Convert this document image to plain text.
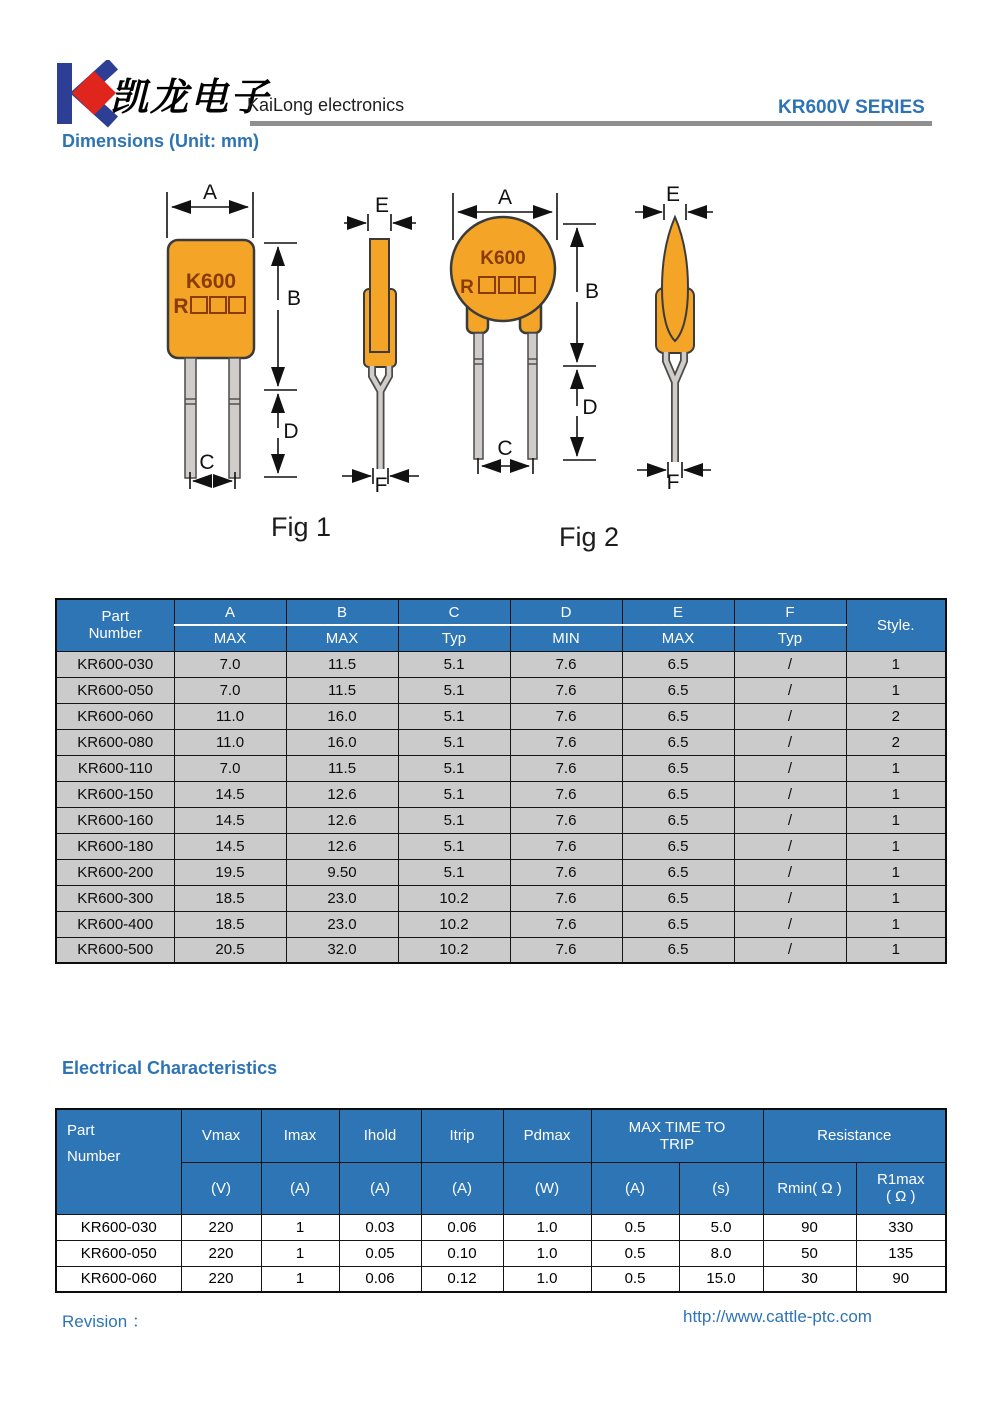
凯龙电子
KaiLong electronics	KR600V SERIES
Dimensions (Unit: mm)
A
K600
R	B
D
C
E
F
Fig 1
A
K600
R	B
D
C
E
F
Fig 2
Part
Number	A	B	C	D	E	F	Style.
	MAX	MAX	Typ	MIN	MAX	Typ	
KR600-030	7.0	11.5	5.1	7.6	6.5	/	1
KR600-050	7.0	11.5	5.1	7.6	6.5	/	1
KR600-060	11.0	16.0	5.1	7.6	6.5	/	2
KR600-080	11.0	16.0	5.1	7.6	6.5	/	2
KR600-110	7.0	11.5	5.1	7.6	6.5	/	1
KR600-150	14.5	12.6	5.1	7.6	6.5	/	1
KR600-160	14.5	12.6	5.1	7.6	6.5	/	1
KR600-180	14.5	12.6	5.1	7.6	6.5	/	1
KR600-200	19.5	9.50	5.1	7.6	6.5	/	1
KR600-300	18.5	23.0	10.2	7.6	6.5	/	1
KR600-400	18.5	23.0	10.2	7.6	6.5	/	1
KR600-500	20.5	32.0	10.2	7.6	6.5	/	1
Electrical Characteristics
Part
Number	Vmax	Imax	Ihold	Itrip	Pdmax	MAX TIME TO
TRIP		Resistance	
	(V)	(A)	(A)	(A)	(W)	(A)	(s)	Rmin( Ω )	R1max
( Ω )
KR600-030	220	1	0.03	0.06	1.0	0.5	5.0	90	330
KR600-050	220	1	0.05	0.10	1.0	0.5	8.0	50	135
KR600-060	220	1	0.06	0.12	1.0	0.5	15.0	30	90
Revision ：	http://www.cattle-ptc.com
